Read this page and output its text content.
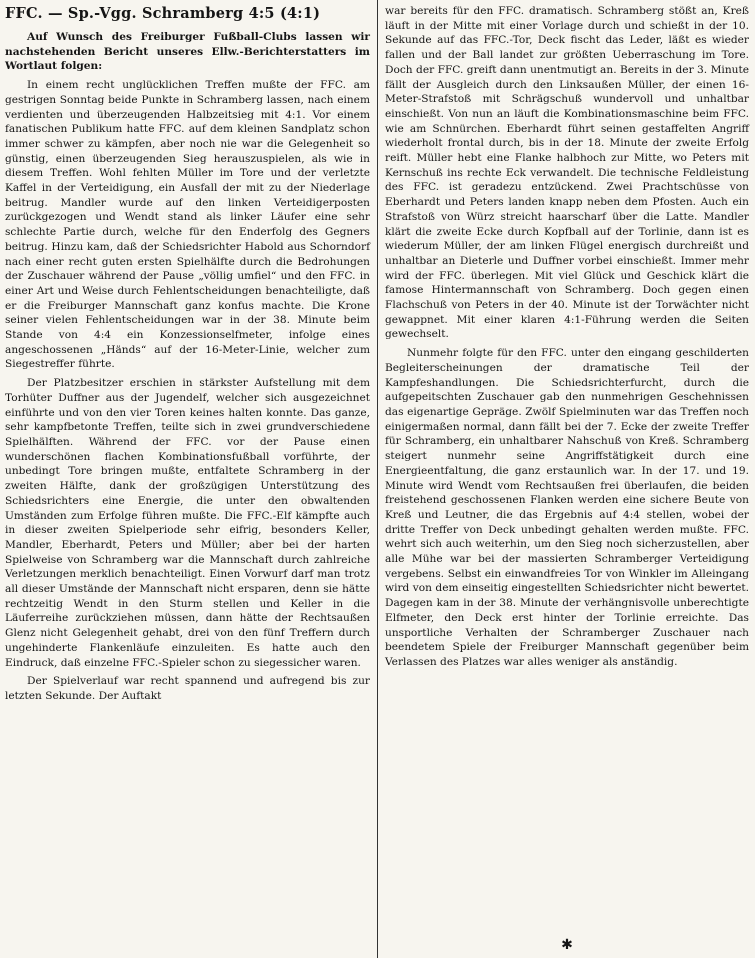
FFC. — Sp.-Vgg. Schramberg 4:5 (4:1)

Auf Wunsch des Freiburger Fußball-Clubs lassen wir nachstehenden Bericht unseres Ellw.-Berichterstatters im Wortlaut folgen:

In einem recht unglücklichen Treffen mußte der FFC. am gestrigen Sonntag beide Punkte in Schramberg lassen, nach einem verdienten und überzeugenden Halbzeitsieg mit 4:1. Vor einem fanatischen Publikum hatte FFC. auf dem kleinen Sandplatz schon immer schwer zu kämpfen, aber noch nie war die Gelegenheit so günstig, einen überzeugenden Sieg herauszuspielen, als wie in diesem Treffen. Wohl fehlten Müller im Tore und der verletzte Kaffel in der Verteidigung, ein Ausfall der mit zu der Niederlage beitrug. Mandler wurde auf den linken Verteidigerposten zurückgezogen und Wendt stand als linker Läufer eine sehr schlechte Partie durch, welche für den Enderfolg des Gegners beitrug. Hinzu kam, daß der Schiedsrichter Habold aus Schorndorf nach einer recht guten ersten Spielhälfte durch die Bedrohungen der Zuschauer während der Pause „völlig umfiel“ und den FFC. in einer Art und Weise durch Fehlentscheidungen benachteiligte, daß er die Freiburger Mannschaft ganz konfus machte. Die Krone seiner vielen Fehlentscheidungen war in der 38. Minute beim Stande von 4:4 ein Konzessionselfmeter, infolge eines angeschossenen „Händs“ auf der 16-Meter-Linie, welcher zum Siegestreffer führte.

Der Platzbesitzer erschien in stärkster Aufstellung mit dem Torhüter Duffner aus der Jugendelf, welcher sich ausgezeichnet einführte und von den vier Toren keines halten konnte. Das ganze, sehr kampfbetonte Treffen, teilte sich in zwei grundverschiedene Spielhälften. Während der FFC. vor der Pause einen wunderschönen flachen Kombinationsfußball vorführte, der unbedingt Tore bringen mußte, entfaltete Schramberg in der zweiten Hälfte, dank der großzügigen Unterstützung des Schiedsrichters eine Energie, die unter den obwaltenden Umständen zum Erfolge führen mußte. Die FFC.-Elf kämpfte auch in dieser zweiten Spielperiode sehr eifrig, besonders Keller, Mandler, Eberhardt, Peters und Müller; aber bei der harten Spielweise von Schramberg war die Mannschaft durch zahlreiche Verletzungen merklich benachteiligt. Einen Vorwurf darf man trotz all dieser Umstände der Mannschaft nicht ersparen, denn sie hätte rechtzeitig Wendt in den Sturm stellen und Keller in die Läuferreihe zurückziehen müssen, dann hätte der Rechtsaußen Glenz nicht Gelegenheit gehabt, drei von den fünf Treffern durch ungehinderte Flankenläufe einzuleiten. Es hatte auch den Eindruck, daß einzelne FFC.-Spieler schon zu siegessicher waren.

Der Spielverlauf war recht spannend und aufregend bis zur letzten Sekunde. Der Auftakt

war bereits für den FFC. dramatisch. Schramberg stößt an, Kreß läuft in der Mitte mit einer Vorlage durch und schießt in der 10. Sekunde auf das FFC.-Tor, Deck fischt das Leder, läßt es wieder fallen und der Ball landet zur größten Ueberraschung im Tore. Doch der FFC. greift dann unentmutigt an. Bereits in der 3. Minute fällt der Ausgleich durch den Linksaußen Müller, der einen 16-Meter-Strafstoß mit Schrägschuß wundervoll und unhaltbar einschießt. Von nun an läuft die Kombinationsmaschine beim FFC. wie am Schnürchen. Eberhardt führt seinen gestaffelten Angriff wiederholt frontal durch, bis in der 18. Minute der zweite Erfolg reift. Müller hebt eine Flanke halbhoch zur Mitte, wo Peters mit Kernschuß ins rechte Eck verwandelt. Die technische Feldleistung des FFC. ist geradezu entzückend. Zwei Prachtschüsse von Eberhardt und Peters landen knapp neben dem Pfosten. Auch ein Strafstoß von Würz streicht haarscharf über die Latte. Mandler klärt die zweite Ecke durch Kopfball auf der Torlinie, dann ist es wiederum Müller, der am linken Flügel energisch durchreißt und unhaltbar an Dieterle und Duffner vorbei einschießt. Immer mehr wird der FFC. überlegen. Mit viel Glück und Geschick klärt die famose Hintermannschaft von Schramberg. Doch gegen einen Flachschuß von Peters in der 40. Minute ist der Torwächter nicht gewappnet. Mit einer klaren 4:1-Führung werden die Seiten gewechselt.

Nunmehr folgte für den FFC. unter den eingang geschilderten Begleiterscheinungen der dramatische Teil der Kampfeshandlungen. Die Schiedsrichterfurcht, durch die aufgepeitschten Zuschauer gab den nunmehrigen Geschehnissen das eigenartige Gepräge. Zwölf Spielminuten war das Treffen noch einigermaßen normal, dann fällt bei der 7. Ecke der zweite Treffer für Schramberg, ein unhaltbarer Nahschuß von Kreß. Schramberg steigert nunmehr seine Angriffstätigkeit durch eine Energieentfaltung, die ganz erstaunlich war. In der 17. und 19. Minute wird Wendt vom Rechtsaußen frei überlaufen, die beiden freistehend geschossenen Flanken werden eine sichere Beute von Kreß und Leutner, die das Ergebnis auf 4:4 stellen, wobei der dritte Treffer von Deck unbedingt gehalten werden mußte. FFC. wehrt sich auch weiterhin, um den Sieg noch sicherzustellen, aber alle Mühe war bei der massierten Schramberger Verteidigung vergebens. Selbst ein einwandfreies Tor von Winkler im Alleingang wird von dem einseitig eingestellten Schiedsrichter nicht bewertet. Dagegen kam in der 38. Minute der verhängnisvolle unberechtigte Elfmeter, den Deck erst hinter der Torlinie erreichte. Das unsportliche Verhalten der Schramberger Zuschauer nach beendetem Spiele der Freiburger Mannschaft gegenüber beim Verlassen des Platzes war alles weniger als anständig.

✱
